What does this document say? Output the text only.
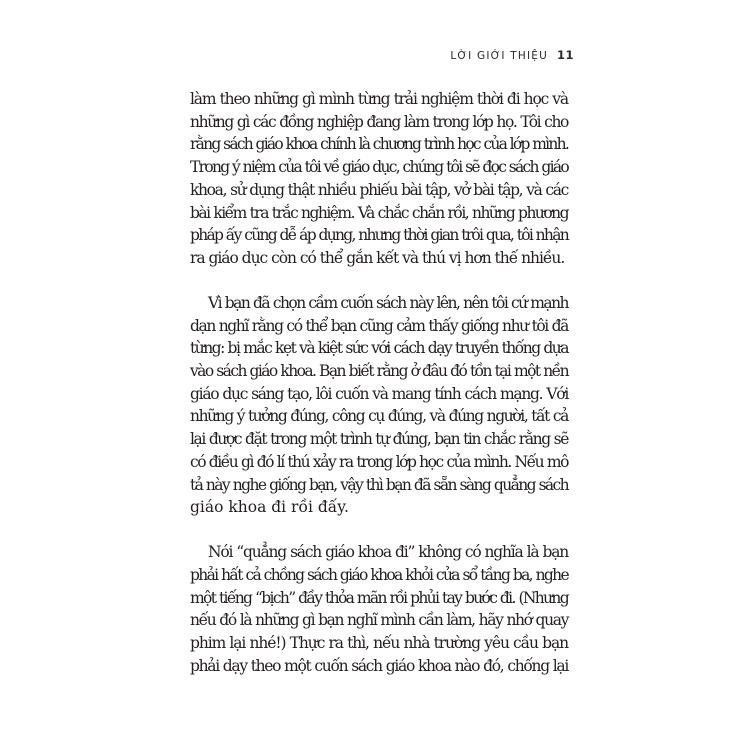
LỜI GIỚI THIỆU 11

làm theo những gì mình từng trải nghiệm thời đi học và
những gì các đồng nghiệp đang làm trong lớp họ. Tôi cho
rằng sách giáo khoa chính là chương trình học của lớp mình.
Trong ý niệm của tôi về giáo dục, chúng tôi sẽ đọc sách giáo
khoa, sử dụng thật nhiều phiếu bài tập, vở bài tập, và các
bài kiểm tra trắc nghiệm. Và chắc chắn rồi, những phương
pháp ấy cũng dễ áp dụng, nhưng thời gian trôi qua, tôi nhận
ra giáo dục còn có thể gắn kết và thú vị hơn thế nhiều.

Vì bạn đã chọn cầm cuốn sách này lên, nên tôi cứ mạnh
dạn nghĩ rằng có thể bạn cũng cảm thấy giống như tôi đã
từng: bị mắc kẹt và kiệt sức với cách dạy truyền thống dựa
vào sách giáo khoa. Bạn biết rằng ở đâu đó tồn tại một nền
giáo dục sáng tạo, lôi cuốn và mang tính cách mạng. Với
những ý tưởng đúng, công cụ đúng, và đúng người, tất cả
lại được đặt trong một trình tự đúng, bạn tin chắc rằng sẽ
có điều gì đó lí thú xảy ra trong lớp học của mình. Nếu mô
tả này nghe giống bạn, vậy thì bạn đã sẵn sàng quẳng sách
giáo khoa đi rồi đấy.

Nói “quẳng sách giáo khoa đi” không có nghĩa là bạn
phải hất cả chồng sách giáo khoa khỏi cửa sổ tầng ba, nghe
một tiếng “bịch” đầy thỏa mãn rồi phủi tay bước đi. (Nhưng
nếu đó là những gì bạn nghĩ mình cần làm, hãy nhớ quay
phim lại nhé!) Thực ra thì, nếu nhà trường yêu cầu bạn
phải dạy theo một cuốn sách giáo khoa nào đó, chống lại
